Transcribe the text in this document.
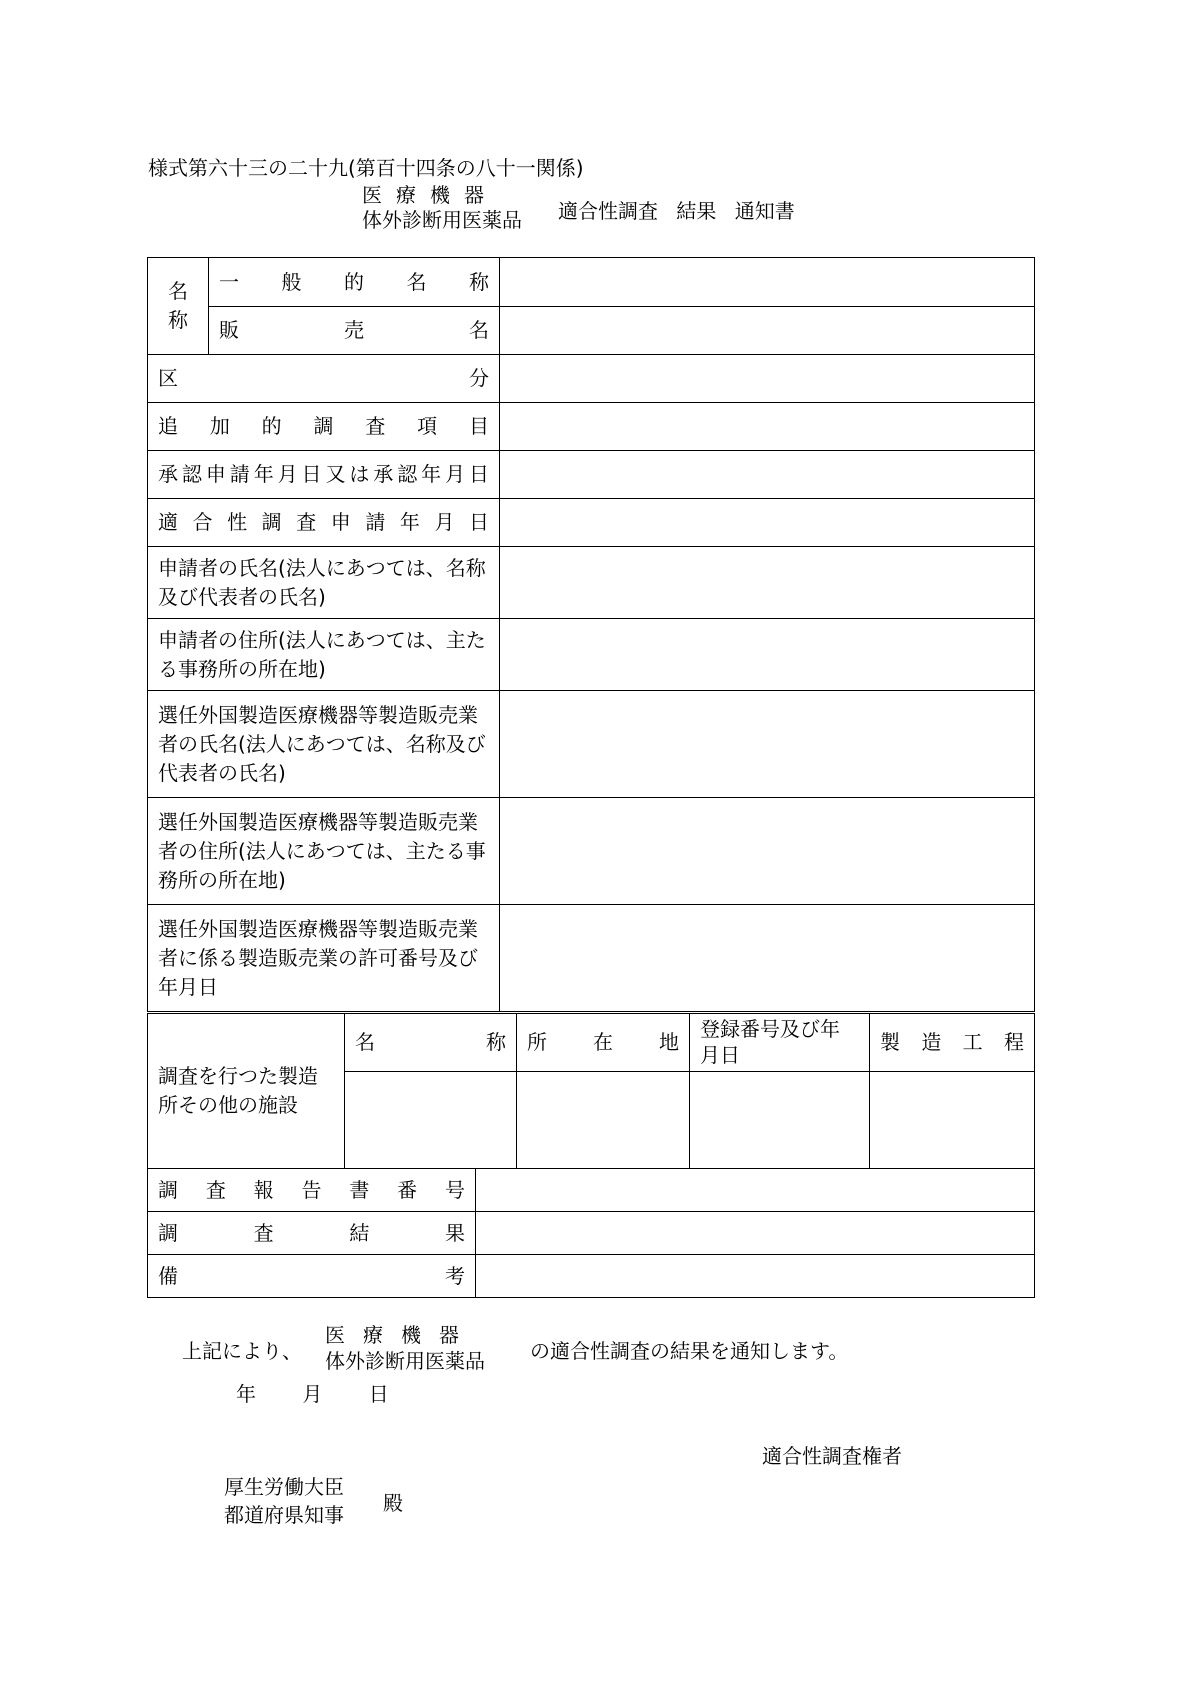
様式第六十三の二十九(第百十四条の八十一関係)
医療機器
体外診断用医薬品 適合性調査 結果 通知書
名
称	一般的名称	
	販売名	
区分		
追加的調査項目		
承認申請年月日又は承認年月日		
適合性調査申請年月日		
申請者の氏名(法人にあつては、名称及び代表者の氏名)		
申請者の住所(法人にあつては、主たる事務所の所在地)		
選任外国製造医療機器等製造販売業者の氏名(法人にあつては、名称及び代表者の氏名)		
選任外国製造医療機器等製造販売業者の住所(法人にあつては、主たる事務所の所在地)		
選任外国製造医療機器等製造販売業者に係る製造販売業の許可番号及び年月日		
調査を行つた製造所その他の施設	名称	所在地	登録番号及び年月日	製造工程

調査報告書番号	
調査結果	
備考	
上記により、
医療機器
体外診断用医薬品 の適合性調査の結果を通知します。
年 月 日
適合性調査権者
厚生労働大臣
都道府県知事 殿
